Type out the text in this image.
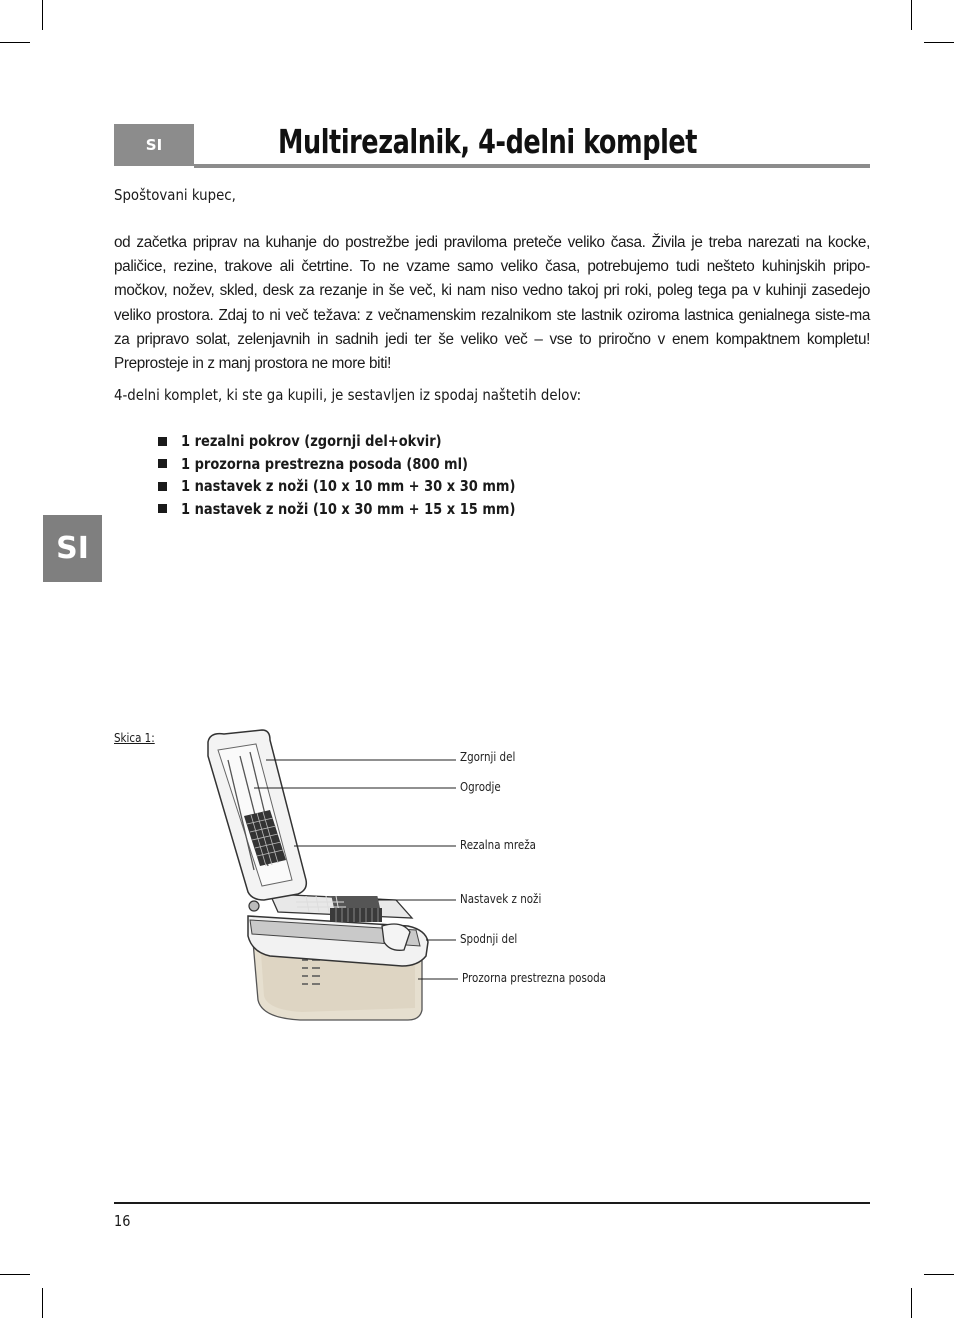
SI	Multirezalnik, 4-delni komplet
SI

Spoštovani kupec,

od začetka priprav na kuhanje do postrežbe jedi praviloma preteče veliko časa. Živila je treba narezati na kocke, paličice, rezine, trakove ali četrtine. To ne vzame samo veliko časa, potrebujemo tudi nešteto kuhinjskih pripo-močkov, nožev, skled, desk za rezanje in še več, ki nam niso vedno takoj pri roki, poleg tega pa v kuhinji zasedejo veliko prostora. Zdaj to ni več težava: z večnamenskim rezalnikom ste lastnik oziroma lastnica genialnega siste-ma za pripravo solat, zelenjavnih in sadnih jedi ter še veliko več – vse to priročno v enem kompaktnem kompletu! Preprosteje in z manj prostora ne more biti!

4-delni komplet, ki ste ga kupili, je sestavljen iz spodaj naštetih delov:

1 rezalni pokrov (zgornji del+okvir)
1 prozorna prestrezna posoda (800 ml)
1 nastavek z noži (10 x 10 mm + 30 x 30 mm)
1 nastavek z noži (10 x 30 mm + 15 x 15 mm)

Skica 1:

Zgornji del
Ogrodje
Rezalna mreža
Nastavek z noži
Spodnji del
Prozorna prestrezna posoda
16
